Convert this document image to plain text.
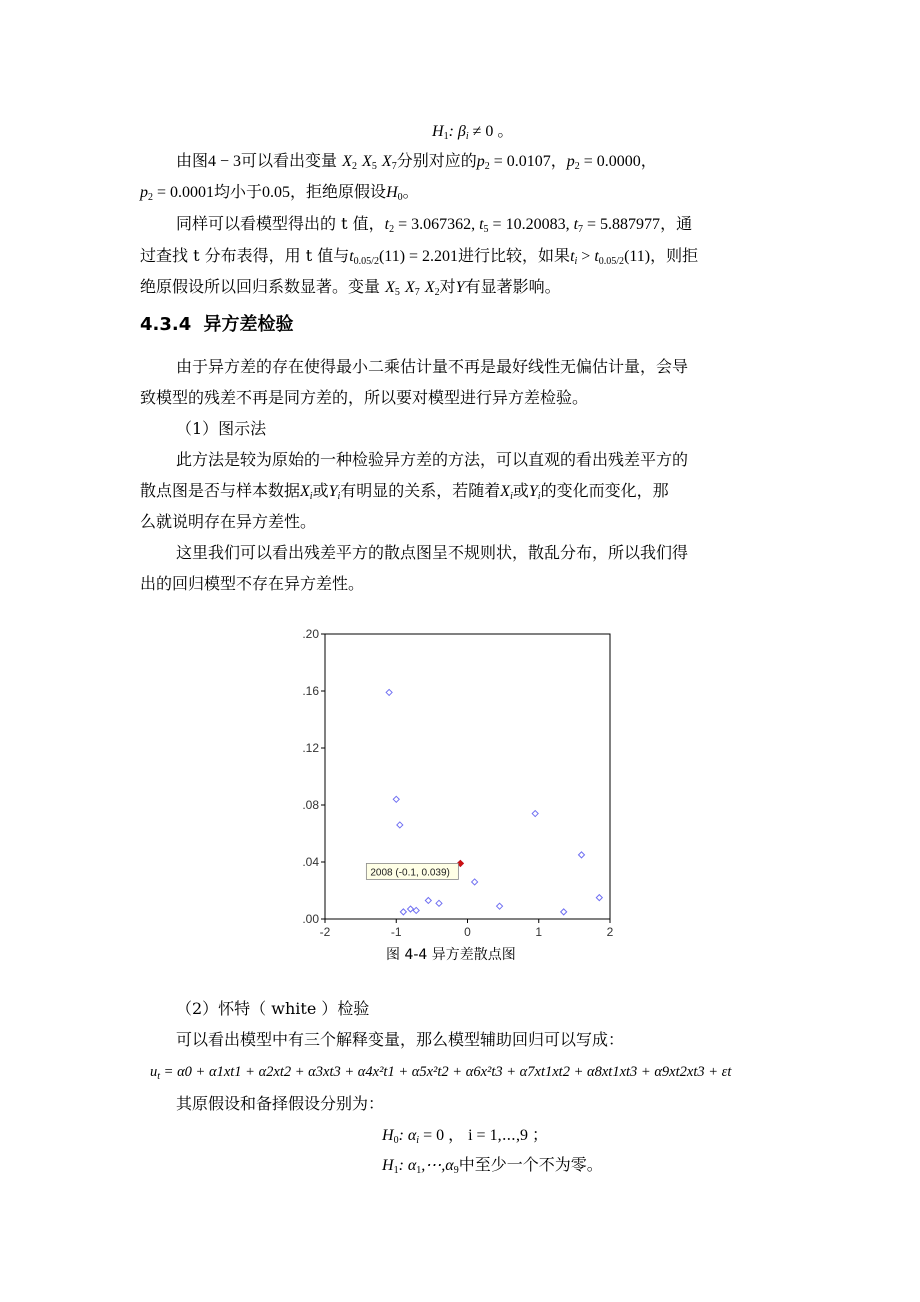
$H_1$: $\beta_i \ne 0$ 。
由图4 − 3可以看出变量 $X_2$ $X_5$ $X_7$分别对应的$p_2 = 0.0107$，$p_2 = 0.0000$，
$p_2 = 0.0001$均小于0.05，拒绝原假设$H_0$。
同样可以看模型得出的 t 值，$t_2 = 3.067362$, $t_5 = 10.20083$, $t_7 = 5.887977$，通
过查找 t 分布表得，用 t 值与$t_{0.05/2}(11) = 2.201$进行比较，如果$t_i > t_{0.05/2}(11)$，则拒
绝原假设所以回归系数显著。变量 $X_5$ $X_7$ $X_2$对Y有显著影响。
4.3.4 异方差检验
由于异方差的存在使得最小二乘估计量不再是最好线性无偏估计量，会导
致模型的残差不再是同方差的，所以要对模型进行异方差检验。
（1）图示法
此方法是较为原始的一种检验异方差的方法，可以直观的看出残差平方的
散点图是否与样本数据$X_i$或$Y_i$有明显的关系，若随着$X_i$或$Y_i$的变化而变化，那
么就说明存在异方差性。
这里我们可以看出残差平方的散点图呈不规则状，散乱分布，所以我们得
出的回归模型不存在异方差性。
.00
.04
.08
.12
.16
.20
-2	-1	0	1	2
2008 (-0.1, 0.039)
图 4-4 异方差散点图
（2）怀特（ white ）检验
可以看出模型中有三个解释变量，那么模型辅助回归可以写成：
$u_t = \alpha 0 + \alpha 1xt1 + \alpha 2xt2 + \alpha 3xt3 + \alpha 4x^2t1 + \alpha 5x^2t2 + \alpha 6x^2t3 + \alpha 7xt1xt2 + \alpha 8xt1xt3 + \alpha 9xt2xt3 + \varepsilon t$
其原假设和备择假设分别为：
$H_0$: $\alpha_i = 0$ ， i = 1,⋯,9 ；
$H_1$: $\alpha_1,\cdots,\alpha_9$中至少一个不为零。
